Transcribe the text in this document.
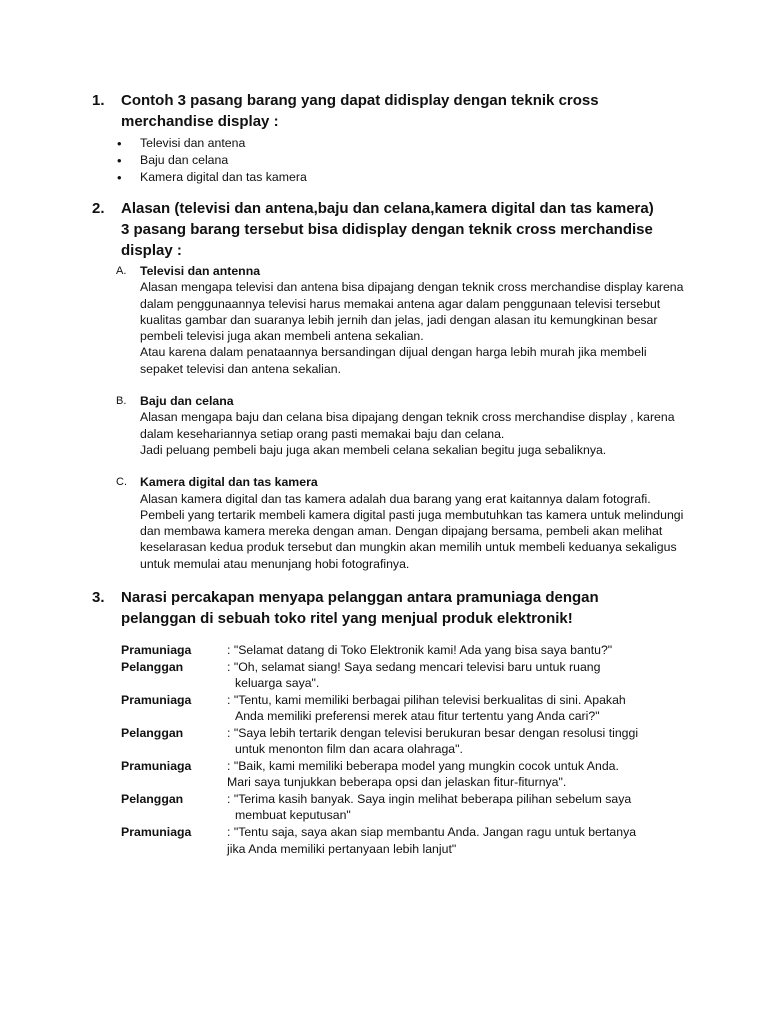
1. Contoh 3 pasang barang yang dapat didisplay dengan teknik cross merchandise display :
• Televisi dan antena
• Baju dan celana
• Kamera digital dan tas kamera
2. Alasan (televisi dan antena,baju dan celana,kamera digital dan tas kamera) 3 pasang barang tersebut bisa didisplay dengan teknik cross merchandise display :
A. Televisi dan antenna

Alasan mengapa televisi dan antena bisa dipajang dengan teknik cross merchandise display karena dalam penggunaannya televisi harus memakai antena agar dalam penggunaan televisi tersebut kualitas gambar dan suaranya lebih jernih dan jelas, jadi dengan alasan itu kemungkinan besar pembeli televisi juga akan membeli antena sekalian.

Atau karena dalam penataannya bersandingan dijual dengan harga lebih murah jika membeli sepaket televisi dan antena sekalian.

B. Baju dan celana

Alasan mengapa baju dan celana bisa dipajang dengan teknik cross merchandise display , karena dalam kesehariannya setiap orang pasti memakai baju dan celana.

Jadi peluang pembeli baju juga akan membeli celana sekalian begitu juga sebaliknya.

C. Kamera digital dan tas kamera

Alasan kamera digital dan tas kamera adalah dua barang yang erat kaitannya dalam fotografi. Pembeli yang tertarik membeli kamera digital pasti juga membutuhkan tas kamera untuk melindungi dan membawa kamera mereka dengan aman. Dengan dipajang bersama, pembeli akan melihat keselarasan kedua produk tersebut dan mungkin akan memilih untuk membeli keduanya sekaligus untuk memulai atau menunjang hobi fotografinya.

3. Narasi percakapan menyapa pelanggan antara pramuniaga dengan pelanggan di sebuah toko ritel yang menjual produk elektronik!
Pramuniaga	: "Selamat datang di Toko Elektronik kami! Ada yang bisa saya bantu?"
Pelanggan	: "Oh, selamat siang! Saya sedang mencari televisi baru untuk ruang
keluarga saya".
Pramuniaga	: "Tentu, kami memiliki berbagai pilihan televisi berkualitas di sini. Apakah
Anda memiliki preferensi merek atau fitur tertentu yang Anda cari?"
Pelanggan	: "Saya lebih tertarik dengan televisi berukuran besar dengan resolusi tinggi
untuk menonton film dan acara olahraga".
Pramuniaga	: "Baik, kami memiliki beberapa model yang mungkin cocok untuk Anda.
Mari saya tunjukkan beberapa opsi dan jelaskan fitur-fiturnya".
Pelanggan	: "Terima kasih banyak. Saya ingin melihat beberapa pilihan sebelum saya
membuat keputusan"
Pramuniaga	: "Tentu saja, saya akan siap membantu Anda. Jangan ragu untuk bertanya
jika Anda memiliki pertanyaan lebih lanjut"
